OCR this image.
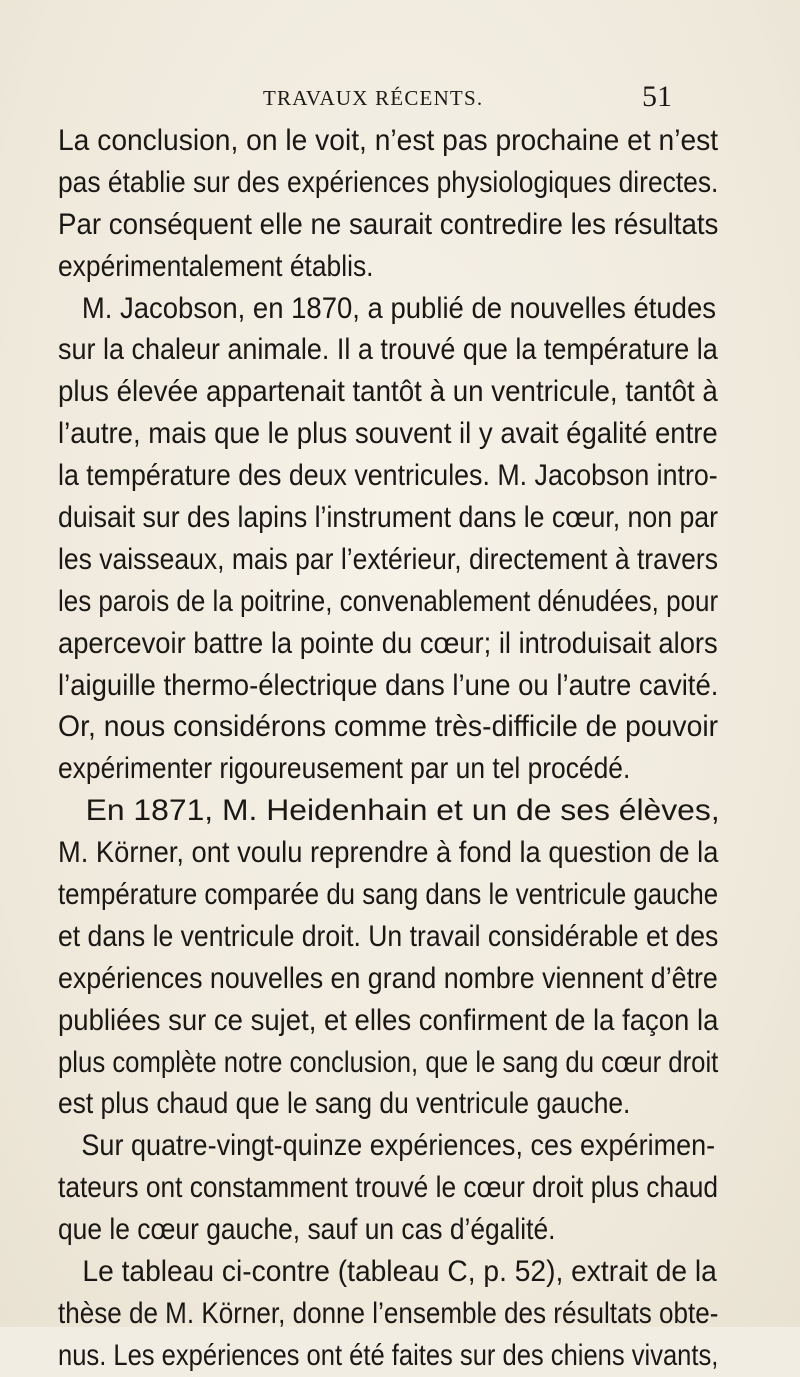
TRAVAUX RÉCENTS.	51
La conclusion, on le voit, n’est pas prochaine et n’est
pas établie sur des expériences physiologiques directes.
Par conséquent elle ne saurait contredire les résultats
expérimentalement établis.
M. Jacobson, en 1870, a publié de nouvelles études
sur la chaleur animale. Il a trouvé que la température la
plus élevée appartenait tantôt à un ventricule, tantôt à
l’autre, mais que le plus souvent il y avait égalité entre
la température des deux ventricules. M. Jacobson intro-
duisait sur des lapins l’instrument dans le cœur, non par
les vaisseaux, mais par l’extérieur, directement à travers
les parois de la poitrine, convenablement dénudées, pour
apercevoir battre la pointe du cœur; il introduisait alors
l’aiguille thermo-électrique dans l’une ou l’autre cavité.
Or, nous considérons comme très-difficile de pouvoir
expérimenter rigoureusement par un tel procédé.
En 1871, M. Heidenhain et un de ses élèves,
M. Körner, ont voulu reprendre à fond la question de la
température comparée du sang dans le ventricule gauche
et dans le ventricule droit. Un travail considérable et des
expériences nouvelles en grand nombre viennent d’être
publiées sur ce sujet, et elles confirment de la façon la
plus complète notre conclusion, que le sang du cœur droit
est plus chaud que le sang du ventricule gauche.
Sur quatre-vingt-quinze expériences, ces expérimen-
tateurs ont constamment trouvé le cœur droit plus chaud
que le cœur gauche, sauf un cas d’égalité.
Le tableau ci-contre (tableau C, p. 52), extrait de la
thèse de M. Körner, donne l’ensemble des résultats obte-
nus. Les expériences ont été faites sur des chiens vivants,
